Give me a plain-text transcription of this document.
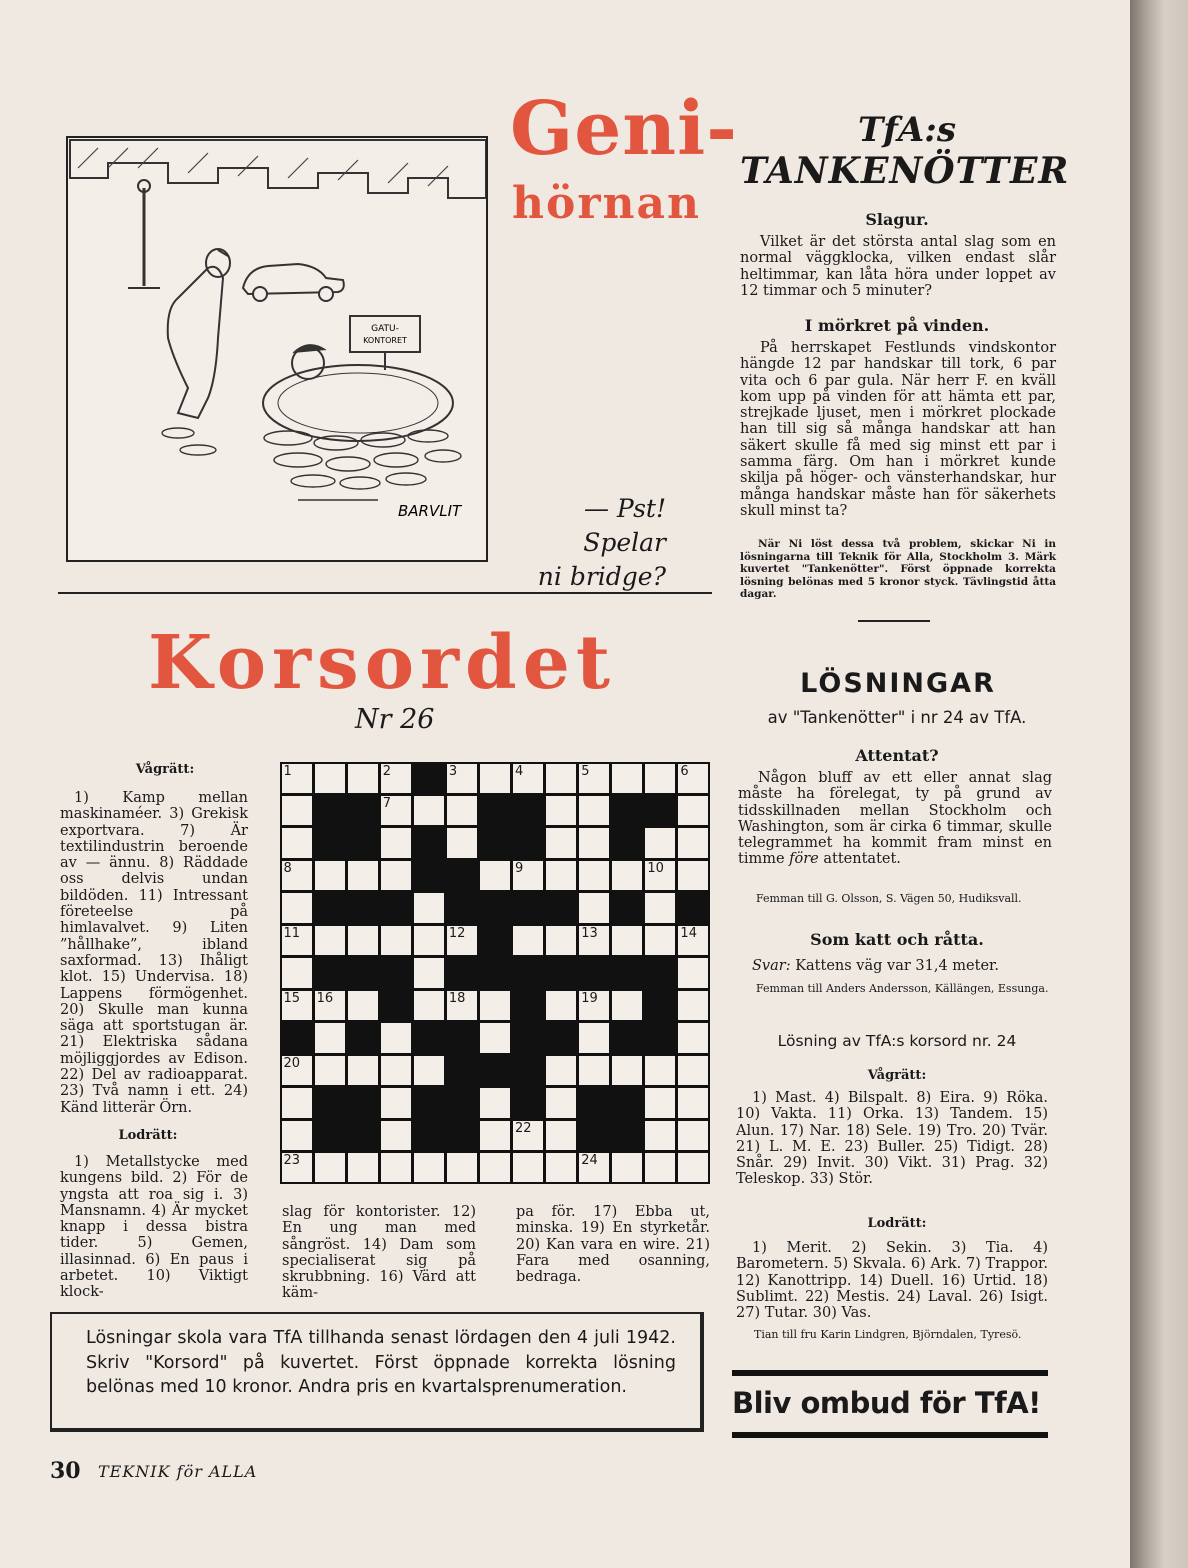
GATU-
KONTORET
BARVLIT
Geni-
hörnan
— Pst! Spelar
ni bridge?
TfA:s
TANKENÖTTER
Slagur.
Vilket är det största antal slag som en normal väggklocka, vilken endast slår heltimmar, kan låta höra under loppet av 12 timmar och 5 minuter?
I mörkret på vinden.
På herrskapet Festlunds vindskontor hängde 12 par handskar till tork, 6 par vita och 6 par gula. När herr F. en kväll kom upp på vinden för att hämta ett par, strejkade ljuset, men i mörkret plockade han till sig så många handskar att han säkert skulle få med sig minst ett par i samma färg. Om han i mörkret kunde skilja på höger- och vänsterhandskar, hur många handskar måste han för säkerhets skull minst ta?
När Ni löst dessa två problem, skickar Ni in lösningarna till Teknik för Alla, Stockholm 3. Märk kuvertet "Tankenötter". Först öppnade korrekta lösning belönas med 5 kronor styck. Tävlingstid åtta dagar.
LÖSNINGAR
av "Tankenötter" i nr 24 av TfA.
Attentat?
Någon bluff av ett eller annat slag måste ha förelegat, ty på grund av tidsskillnaden mellan Stockholm och Washington, som är cirka 6 timmar, skulle telegrammet ha kommit fram minst en timme före attentatet.
Femman till G. Olsson, S. Vägen 50, Hudiksvall.
Som katt och råtta.
Svar: Kattens väg var 31,4 meter.
Femman till Anders Andersson, Källängen, Essunga.
Lösning av TfA:s korsord nr. 24
Vågrätt:
1) Mast. 4) Bilspalt. 8) Eira. 9) Röka. 10) Vakta. 11) Orka. 13) Tandem. 15) Alun. 17) Nar. 18) Sele. 19) Tro. 20) Tvär. 21) L. M. E. 23) Buller. 25) Tidigt. 28) Snår. 29) Invit. 30) Vikt. 31) Prag. 32) Teleskop. 33) Stör.
Lodrätt:
1) Merit. 2) Sekin. 3) Tia. 4) Barometern. 5) Skvala. 6) Ark. 7) Trappor. 12) Kanottripp. 14) Duell. 16) Urtid. 18) Sublimt. 22) Mestis. 24) Laval. 26) Isigt. 27) Tutar. 30) Vas.
Tian till fru Karin Lindgren, Björndalen, Tyresö.
Bliv ombud för TfA!
Korsordet
Nr 26
Vågrätt:
1) Kamp mellan maskinaméer. 3) Grekisk exportvara. 7) Är textilindustrin beroende av — ännu. 8) Räddade oss delvis undan bildöden. 11) Intressant företeelse på himlavalvet. 9) Liten ”hållhake”, ibland saxformad. 13) Ihåligt klot. 15) Undervisa. 18) Lappens förmögenhet. 20) Skulle man kunna säga att sportstugan är. 21) Elektriska sådana möjliggjordes av Edison. 22) Del av radioapparat. 23) Två namn i ett. 24) Känd litterär Örn.
Lodrätt:
1) Metallstycke med kungens bild. 2) För de yngsta att roa sig i. 3) Mansnamn. 4) Är mycket knapp i dessa bistra tider. 5) Gemen, illasinnad. 6) En paus i arbetet. 10) Viktigt klock-
slag för kontorister. 12) En ung man med sångröst. 14) Dam som specialiserat sig på skrubbning. 16) Värd att käm-
pa för. 17) Ebba ut, minska. 19) En styrketår. 20) Kan vara en wire. 21) Fara med osanning, bedraga.
1	2	3	4	5	6
7
8	9	10
11	12	13	14
15 16	18	19
20
22
23	24
Lösningar skola vara TfA tillhanda senast lördagen den 4 juli 1942. Skriv "Korsord" på kuvertet. Först öppnade korrekta lösning belönas med 10 kronor. Andra pris en kvartalsprenumeration.
30 TEKNIK för ALLA
